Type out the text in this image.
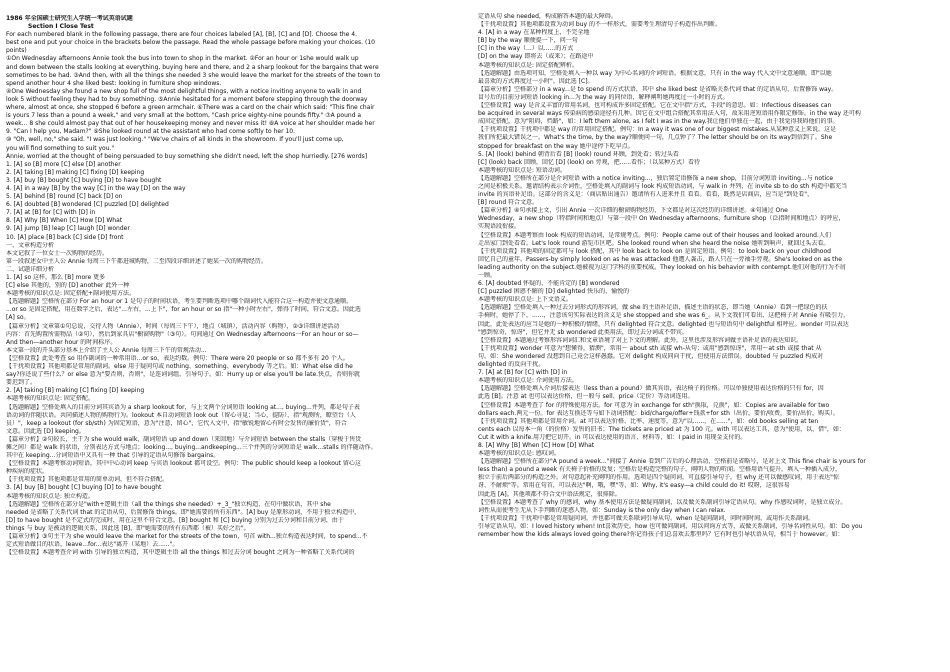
1986 年全国硕士研究生入学统一考试英语试题

Section I Close Test

For each numbered blank in the following passage, there are four choices labeled [A], [B], [C] and [D]. Choose the 4.

best one and put your choice in the brackets below the passage. Read the whole passage before making your choices. (10

points)

①On Wednesday afternoons Annie took the bus into town to shop in the market. ②For an hour or 1she would walk up

and down between the stalls looking at everything, buying here and there, and 2 a sharp lookout for the bargains that were

sometimes to be had. ③And then, with all the things she needed 3 she would leave the market for the streets of the town to

spend another hour 4 she liked best: looking in furniture shop windows.

④One Wednesday she found a new shop full of the most delightful things, with a notice inviting anyone to walk in and

look 5 without feeling they had to buy something. ⑤Annie hesitated for a moment before stepping through the doorway

where, almost at once, she stopped 6 before a green armchair. ⑥There was a card on the chair which said: "This fine chair

is yours 7 less than a pound a week," and very small at the bottom, "Cash price eighty-nine pounds fifty." ⑦A pound a

week... 8 she could almost pay that out of her housekeeping money and never miss it! ⑧A voice at her shoulder made her

9. "Can I help you, Madam?" ⑨She looked round at the assistant who had come softly to her 10.

⑩ "Oh, well, no," she said. "I was just looking." "We've chairs of all kinds in the showroom. If you'll just come up,

you will find something to suit you."

Annie, worried at the thought of being persuaded to buy something she didn't need, left the shop hurriedly. [276 words]

1. [A] so [B] more [C] else [D] another

2. [A] taking [B] making [C] fixing [D] keeping

3. [A] buy [B] bought [C] buying [D] to have bought

4. [A] in a way [B] by the way [C] in the way [D] on the way

5. [A] behind [B] round [C] back [D] on

6. [A] doubted [B] wondered [C] puzzled [D] delighted

7. [A] at [B] for [C] with [D] in

8. [A] Why [B] When [C] How [D] What

9. [A] jump [B] leap [C] laugh [D] wonder

10. [A] place [B] back [C] side [D] front

一、文章构造分析

本文记叙了一位女士一次购物的经历。

第一段叙述女中主人公 Annie 每周三下午都进城购物，二至四段详细讲述了她某一次的购物经历。

二、试题详细分析

1. [A] so 这样，那么 [B] more 更多

[C] else 其他的，别的 [D] another 此外一种

本题考核的知识点是: 固定搭配+副词使用方法。

【选题解题】空格所在部分 For an hour or 1 是句子的时间状语，考生要判断选项中哪个副词代入能符合这一构造并使文意通顺。

...or so 是固定搭配，用在数字之后，表达"...左右，...上下"，for an hour or so 指"一种小时左右"，弹得了时间，符合文意。因此选

[A] so。

【篇章分析】文章第①句总说，交待人物（Annie），时间（每周三下午），地点（城镇），活动内容（购物），②③详细讲述活动

内容：首先购置所需物品（②句），然后到家具店"橱窗购物"（③句）。句间通过 On Wednesday afternoons一For an hour or so—

And then—another hour 的时间标序。

本文第一段的开头部分基本上介绍了主人公 Annie 每周三下午的常规活动...

【空格设置】此处考查 so 用作副词的一种常用语...or so，表达约数。例句：There were 20 people or so 都不多有 20 个人。

【干扰项设置】其他项都是常用的副词。else 用于疑问句或 nothing、something、everybody 等之后。如：What else did he

say?你还说了些什么？or else 意为"要否则，否则"，是连词词组，引导句子。如：Hurry up or else you'll be late.快点，否则你就

要迟到了。

2. [A] taking [B] making [C] fixing [D] keeping

本题考核的知识点是: 固定搭配。

【选题解题】空格处填入的目前分词其宾语为 a sharp lookout for，与上文两个分词短语 looking at..., buying...并列，都是句子表

语动词的伴随状语。共同描述人物的购物行为。lookout 本自动词短语 look out（留心寻觅；当心，提防），指"观测所，瞭望台（人

员）"，keep a lookout (for sb/sth) 为固定短语，意为"注意，留心"，它代入文中，指"敏锐地留心有时会发售的廉价货"，符合

文意。因此选 [D] keeping。

【篇章分析】②句较长，主干为 she would walk，副词短语 up and down（来回地）与介词短语 between the stalls（穿梭于售货

摊之间）都是 walk 的状语，分别表达方式与地点；looking..., buying...andkeeping...三个并列的分词短语是 walk...stalls 的伴随动作。

其中在 keeping...分词短语中又具有一种 that 引导的定语从句修饰 bargains。

【空格设置】本题考察动词短语，其中中心动词 keep 与宾语 lookout 都可设空。例句：The public should keep a lookout 留心这

种疾病的症状。

【干扰项设置】其他项都是常用的简单动词，但不符合搭配。

3. [A] buy [B] bought [C] buying [D] to have bought

本题考核的知识点是: 独立构造。

【选题解题】空格所在部分是"with+逻辑主语（all the things she needed）+_3_"独立构造，在句中做状语，其中 she

needed 是省略了关系代词 that 的定语从句，后置修饰 things。即"她需要的所有东西"。[A] buy 是原形动词，不用于独立构造中，

[D] to have bought 是不定式的完成时，用在这里不符合文意。[B] bought 和 [C] buying 分别为过去分词和目前分词，由于

things 与 buy 是被动的逻辑关系，因此选 [B]，即"她需要的所有东西都（被）买好之后"。

【篇章分析】③句主干为 she would leave the market for the streets of the town，句首 with...独立构造表达时间，to spend...不

定式短语做目的状语，leave...for...表达"离开（某地）去......"。

【空格设置】本题考查介词 with 引导的独立构造，其中逻辑主语 all the things 和过去分词 bought 之间为一种省略了关系代词的

定语从句 she needed，构成解答本题的最大障碍。

【干扰项设置】其他项都设置为动词 buy 的不一样形式，需要考生理清句子构造作出判断。

4. [A] in a way 在某种程度上，不完全地

[B] by the way 顺便提一下，问一句

[C] in the way（...）以......的方式

[D] on the way 即将去（或来）；在路途中

本题考核的知识点是: 固定搭配辨析。

【选题解题】由选项可知，空格处填入一种以 way 为中心名词的介词短语。根据文意，只有 in the way 代入文中文意通顺，即"以她

最喜欢的方式再度过一小时"。因此选 [C]。

【篇章分析】空格部分 in a way...是 to spend 的方式状语，其中 she liked best 是省略关系代词 that 的定语从句，后置修饰 way。

冒号后的目前分词短语 looking in...为 the way 的同位语，解释阐明她再度过一小时的方式。

【空格设置】way 是含义丰富的常用名词，也可构成许多固定搭配。它在文中指"方式，手段"的意思。如：Infectious diseases can

be acquired in several ways 传染病的感染途径有几种。因它在文中组合搭配其常用法入句，故采用逆短语用作限定修饰。in the way 还可构

成固定搭配，意为"阻碍，挡路"，如：I left them alone, as I felt I was in the way.我让他们单独在一起，由于我觉得我碍他们的事。

【干扰项设置】干扰项中都是 way 的常用固定搭配。例句：In a way it was one of our biggest mistakes.从某种意义上来说，这是

我们所犯最大错误之一。What's the time, by the way?顺便问一句，几点钟了？The letter should be on its way到信到了。She

stopped for breakfast on the way 她中途停下吃早点。

5. [A] (look) behind 朝背后看 [B] (look) round 环顾，到处看；转过头看

[C] (look) back 回顾，回忆 [D] (look) on 旁观，把......看作；（以某种方式）看待

本题考核的知识点是: 短语动词。

【选题解题】空格所在部分是介词短语 with a notice inviting...，独后置定语修饰 a new shop，目前分词短语 inviting...与 notice

之间是积极关系。邀请结构表示介词性，空格处填入的副词与 look 构成短语动词，与 walk in 并列，在 invite sb to do sth 构造中都充当

invite 的宾语补足语。这部分的含义是：（商店贴出通告）邀请所有人进来并且 看看。看看，既然是店商店，应当是"到处看"，

[B] round 符合文意。

【篇章分析】④句承接上文，引出 Annie 一次详细的橱窗购物经历，下文都是对这次经历的详细讲述。④句通过 One

Wednesday，a new shop（特指时间和地点）与第一段中 On Wednesday afternoons，furniture shop（泛指时间和地点）的呼应，

实现语段衔接。

【空格设置】本题考察由 look 构成的短语动词，是常规考点。例句：People came out of their houses and looked around.人们

走出家门到处看看。Let's look round 游览市区吧。She looked round when she heard the noise 她听到响声，就回过头去看。

【干扰项设置】其他项的固定都可与 look 搭配，其中 look back to look on 是固定短语。例句：to look back on your childhood

回忆自己的童年。Passers-by simply looked on as he was attacked 他遭人袭击，路人只在一旁袖手旁观。She's looked on as the

leading authority on the subject.她被视为这门学科的重要权威。They looked on his behavior with contempt.他们对他的行为不屑

一顾。

6. [A] doubted 怀疑的，不能肯定的 [B] wondered

[C] puzzled 困惑不解的 [D] delighted 快乐的，愉悦的

本题考核的知识点是: 上下文语义。

【选题解题】空格处填入一种过去分词形式的形容词，做 she 的主语补足语，描述主语的状态，即当她（Annie）看到一把绿色的扶

手椅时，她停了下，......，注意该句实际表达的含义是 she stopped and she was 6_。从下文我们可看出，这把椅子对 Annie 有吸引力，

因此，此处表达的应当是她的一种积极的情绪，只有 delighted 符合文意。delighted 也与短语句中 delightful 相呼应。wonder 可以表达

"感到惊奇，惊讶"，但它并无 sb wondered 此类用法，即过去分词或不带宾。

【空格设置】本题通过考察形容词词汇和文章语境了对上下文的理解。此外，这里也涉及形容词做主语补足语的表达知识。

【干扰项设置】wonder 可意为"想懂得，猜测"，常用～ about sth 或接 wh-从句；或用"感到惊讶"，常用～at sth 或接 that 从

句。如：She wondered 没想到自己竟会这样愚蠢。它对 delight 构成同向干扰，但使用方法错误。doubted 与 puzzled 构成对

delighted 的反向干扰。

7. [A] at [B] for [C] with [D] in

本题考核的知识点是: 介词使用方法。

【选题解题】空格处填入介词后接表达（less than a pound）做其宾语，表达椅子的价格。可以单独使用表达价格的只有 for，因

此选 [B]。注意 at 也可以表达价格，但一般与 sell、price（定价）等动词连用。

【空格设置】本题考查了 for 的特殊使用方法。for 可意为 in exchange for sth"换取，兑换"，如：Copies are available for two

dollars each.两元一份。for 表达互换还等与如下动词搭配：bid/charge/offer+钱款+for sth（出价，要价/收费，要价/出价，购买）。

【干扰项设置】其他项都是常用介词。at 可以表达价格、比率、速度等，意为"以......，在......"，如：old books selling at ten

cents each 以每本一角（的价格）发售的旧书；The tickets are priced at 为 100 元。with 可以表达工具，意为"使用，以，借"，如：

Cut it with a knife.用刀把它切开。in 可以表达使用的语言、材料等，如：I paid in 用现金支付的。

8. [A] Why [B] When [C] How [D] What

本题考核的知识点是: 感叹词。

【选题解题】空格所在部分"A pound a week..."间接了 Annie 看到广告后的心理活动，空格前是省略号，是对上文 This fine chair is yours for

less than) a pound a week 有关椅子价格的反复；空格后是构造完整的句子，阐明人物的听闻。空格用语气提升，填入一种插入成分，

独立于前后两部分的构造之外。对句意起补充阐明的作用。选项是四个疑问词，可直接引导句子，但 why 还可以做感叹词，用于表达"惊

讶、不耐烦"等。常用在句首，可以表达"啊，哦，嘿"等，如：Why, it's easy—a child could do it! 哎呀，这很容易

因此选 [A]。其他项都不符合文中语法规定，很排除。

【空格设置】本题考查了 why 的感词，why 基本使用方法是做疑问副词，以及做关系副词引导定语从句。why 作感叹词时，是独立成分。

词性从而使考生无从下手判断的迷惑人物。如：Sunday is the only day when I can relax.

【干扰项设置】干扰项中都是常用疑问词，并也都可做关系联词引导从句。when 是疑问副词，问时间时间，或用作关系副词。

引导定语从句。如：I loved history when! Int喜欢历史。how 也可做问副词，用以问询方式等，或做关系副词，引导名词性从句。如：Do you

remember how the kids always loved going there?你记得孩子们总喜欢去那里吗？它有时也引导状语从句，相当于 however。如：
